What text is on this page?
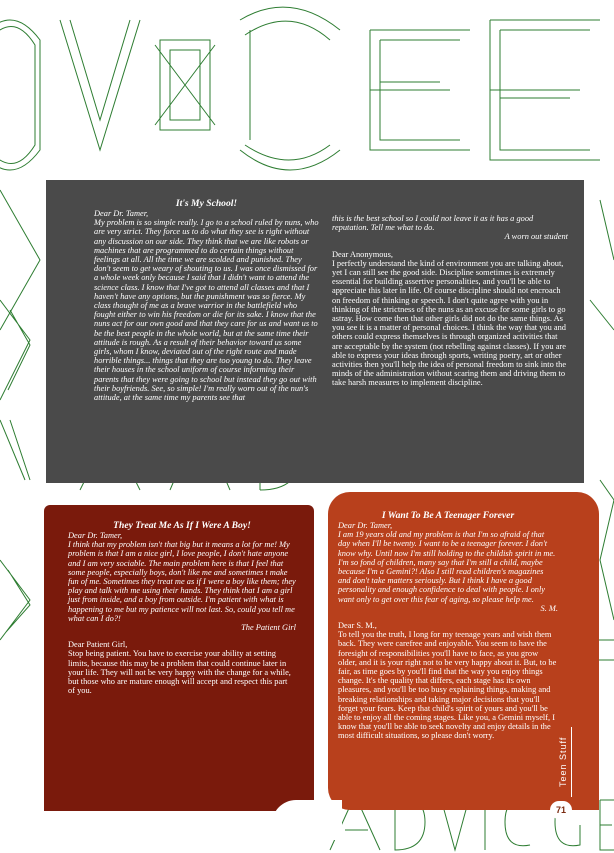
It's My School!

Dear Dr. Tamer,

My problem is so simple really. I go to a school ruled by nuns, who are very strict. They force us to do what they see is right without any discussion on our side. They think that we are like robots or machines that are programmed to do certain things without feelings at all. All the time we are scolded and punished. They don't seem to get weary of shouting to us. I was once dismissed for a whole week only because I said that I didn't want to attend the science class. I know that I've got to attend all classes and that I haven't have any options, but the punishment was so fierce. My class thought of me as a brave warrior in the battlefield who fought either to win his freedom or die for its sake. I know that the nuns act for our own good and that they care for us and want us to be the best people in the whole world, but at the same time their attitude is rough. As a result of their behavior toward us some girls, whom I know, deviated out of the right route and made horrible things... things that they are too young to do. They leave their houses in the school uniform of course informing their parents that they were going to school but instead they go out with their boyfriends. See, so simple! I'm really worn out of the nun's attitude, at the same time my parents see that

this is the best school so I could not leave it as it has a good reputation. Tell me what to do.

A worn out student

Dear Anonymous,

I perfectly understand the kind of environment you are talking about, yet I can still see the good side. Discipline sometimes is extremely essential for building assertive personalities, and you'll be able to appreciate this later in life. Of course discipline should not encroach on freedom of thinking or speech. I don't quite agree with you in thinking of the strictness of the nuns as an excuse for some girls to go astray. How come then that other girls did not do the same things. As you see it is a matter of personal choices. I think the way that you and others could express themselves is through organized activities that are acceptable by the system (not rebelling against classes). If you are able to express your ideas through sports, writing poetry, art or other activities then you'll help the idea of personal freedom to sink into the minds of the administration without scaring them and driving them to take harsh measures to implement discipline.

They Treat Me As If I Were A Boy!

Dear Dr. Tamer,

I think that my problem isn't that big but it means a lot for me! My problem is that I am a nice girl, I love people, I don't hate anyone and I am very sociable. The main problem here is that I feel that some people, especially boys, don't like me and sometimes t make fun of me. Sometimes they treat me as if I were a boy like them; they play and talk with me using their hands. They think that I am a girl just from inside, and a boy from outside. I'm patient with what is happening to me but my patience will not last. So, could you tell me what can I do?!

The Patient Girl

Dear Patient Girl,

Stop being patient. You have to exercise your ability at setting limits, because this may be a problem that could continue later in your life. They will not be very happy with the change for a while, but those who are mature enough will accept and respect this part of you.

I Want To Be A Teenager Forever

Dear Dr. Tamer,

I am 19 years old and my problem is that I'm so afraid of that day when I'll be twenty. I want to be a teenager forever. I don't know why. Until now I'm still holding to the childish spirit in me. I'm so fond of children, many say that I'm still a child, maybe because I'm a Gemini?! Also I still read children's magazines and don't take matters seriously. But I think I have a good personality and enough confidence to deal with people. I only want only to get over this fear of aging, so please help me.

S. M.

Dear S. M.,

To tell you the truth, I long for my teenage years and wish them back. They were carefree and enjoyable. You seem to have the foresight of responsibilities you'll have to face, as you grow older, and it is your right not to be very happy about it. But, to be fair, as time goes by you'll find that the way you enjoy things change. It's the quality that differs, each stage has its own pleasures, and you'll be too busy explaining things, making and breaking relationships and taking major decisions that you'll forget your fears. Keep that child's spirit of yours and you'll be able to enjoy all the coming stages. Like you, a Gemini myself, I know that you'll be able to seek novelty and enjoy details in the most difficult situations, so please don't worry.

Teen Stuff
71
